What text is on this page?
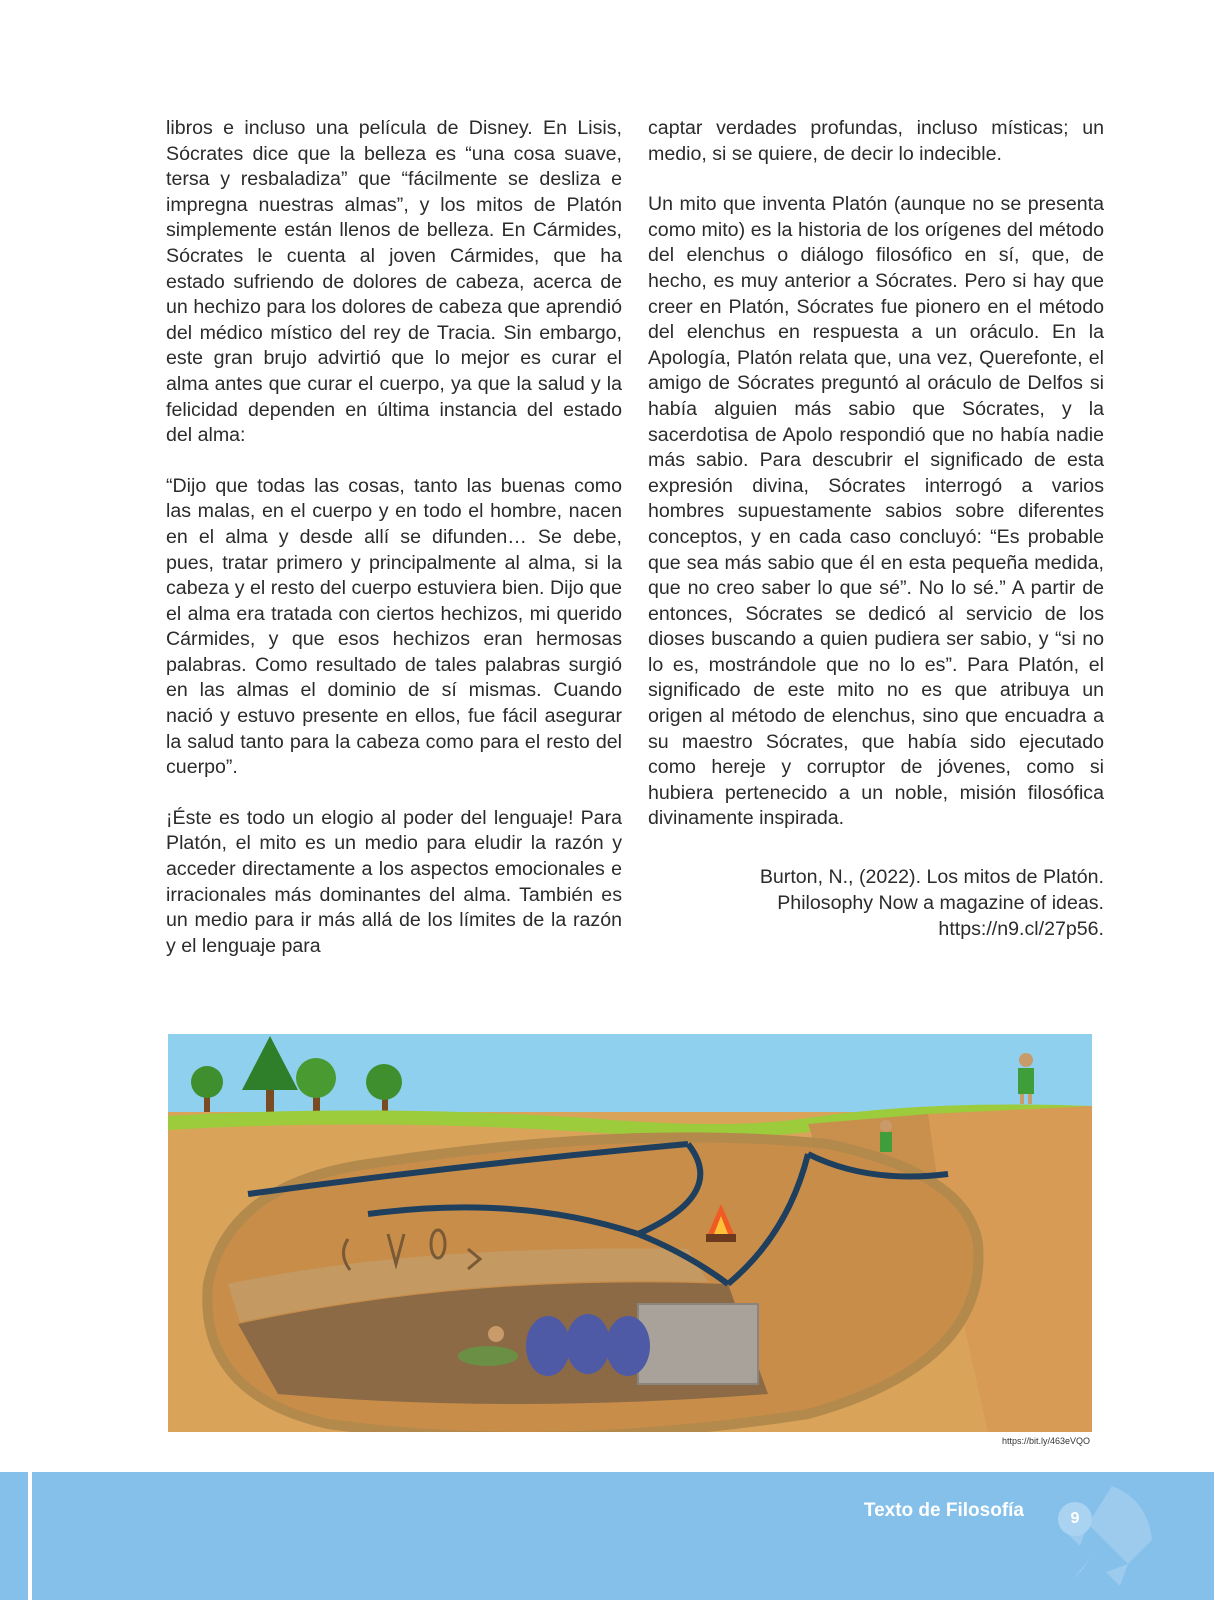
libros e incluso una película de Disney. En Lisis, Sócrates dice que la belleza es “una cosa suave, tersa y resbaladiza” que “fácilmente se desliza e impregna nuestras almas”, y los mitos de Platón simplemente están llenos de belleza. En Cármides, Sócrates le cuenta al joven Cármides, que ha estado sufriendo de dolores de cabeza, acerca de un hechizo para los dolores de cabeza que aprendió del médico místico del rey de Tracia. Sin embargo, este gran brujo advirtió que lo mejor es curar el alma antes que curar el cuerpo, ya que la salud y la felicidad dependen en última instancia del estado del alma:

“Dijo que todas las cosas, tanto las buenas como las malas, en el cuerpo y en todo el hombre, nacen en el alma y desde allí se difunden… Se debe, pues, tratar primero y principalmente al alma, si la cabeza y el resto del cuerpo estuviera bien. Dijo que el alma era tratada con ciertos hechizos, mi querido Cármides, y que esos hechizos eran hermosas palabras. Como resultado de tales palabras surgió en las almas el dominio de sí mismas. Cuando nació y estuvo presente en ellos, fue fácil asegurar la salud tanto para la cabeza como para el resto del cuerpo”.

¡Éste es todo un elogio al poder del lenguaje! Para Platón, el mito es un medio para eludir la razón y acceder directamente a los aspectos emocionales e irracionales más dominantes del alma. También es un medio para ir más allá de los límites de la razón y el lenguaje para

captar verdades profundas, incluso místicas; un medio, si se quiere, de decir lo indecible.

Un mito que inventa Platón (aunque no se presenta como mito) es la historia de los orígenes del método del elenchus o diálogo filosófico en sí, que, de hecho, es muy anterior a Sócrates. Pero si hay que creer en Platón, Sócrates fue pionero en el método del elenchus en respuesta a un oráculo. En la Apología, Platón relata que, una vez, Querefonte, el amigo de Sócrates preguntó al oráculo de Delfos si había alguien más sabio que Sócrates, y la sacerdotisa de Apolo respondió que no había nadie más sabio. Para descubrir el significado de esta expresión divina, Sócrates interrogó a varios hombres supuestamente sabios sobre diferentes conceptos, y en cada caso concluyó: “Es probable que sea más sabio que él en esta pequeña medida, que no creo saber lo que sé”. No lo sé.” A partir de entonces, Sócrates se dedicó al servicio de los dioses buscando a quien pudiera ser sabio, y “si no lo es, mostrándole que no lo es”. Para Platón, el significado de este mito no es que atribuya un origen al método de elenchus, sino que encuadra a su maestro Sócrates, que había sido ejecutado como hereje y corruptor de jóvenes, como si hubiera pertenecido a un noble, misión filosófica divinamente inspirada.

Burton, N., (2022). Los mitos de Platón.
Philosophy Now a magazine of ideas.
https://n9.cl/27p56.
https://bit.ly/463eVQO
Texto de Filosofía	9
